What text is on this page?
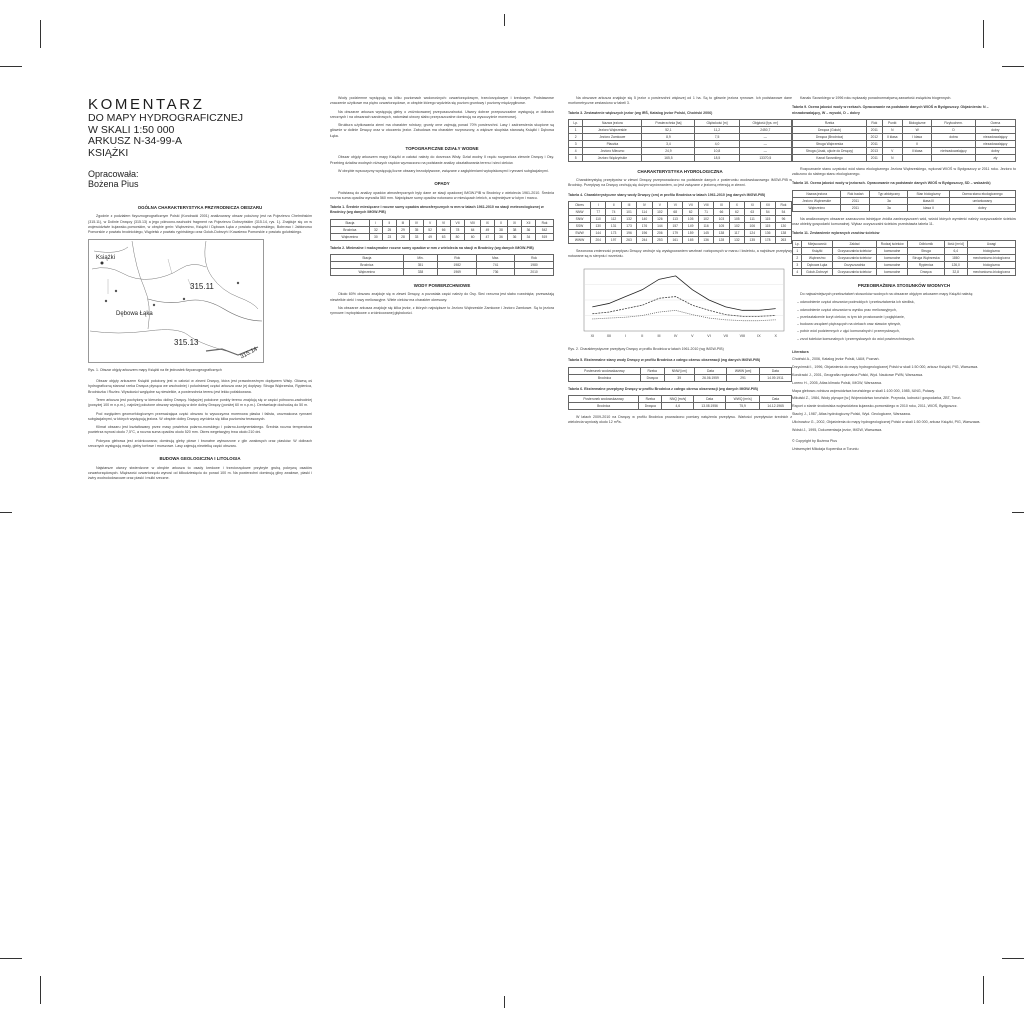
KOMENTARZ
DO MAPY HYDROGRAFICZNEJ
W SKALI 1:50 000
ARKUSZ N-34-99-A
KSIĄŻKI
Opracowała:
Bożena Pius
OGÓLNA CHARAKTERYSTYKA PRZYRODNICZA OBSZARU

Zgodnie z podziałem fizycznogeograficznym Polski (Kondracki 2001) analizowany obszar położony jest na Pojezierzu Chełmińskim (315.11), w Dolinie Drwęcy (315.13) a jego północno-wschodni fragment na Pojezierzu Dobrzyńskim (315.14, rys. 1). Znajduje się on w województwie kujawsko-pomorskim, w obrębie gmin: Wąbrzeźno, Książki i Dębowa Łąka z powiatu wąbrzeskiego, Bobrowo i Jabłonowo Pomorskie z powiatu brodnickiego, Wąpielsk z powiatu rypińskiego oraz Golub-Dobrzyń i Kowalewo Pomorskie z powiatu golubskiego.

Książki
Dębowa Łąka
315.11
315.13
315.14
Rys. 1. Obszar objęty arkuszem mapy Książki na tle jednostek fizycznogeograficznych

Obszar objęty arkuszem Książki położony jest w całości w zlewni Drwęcy, która jest prawobrzeżnym dopływem Wisły. Główną oś hydrograficzną stanowi rzeka Drwęca płynąca we wschodniej i południowej części arkusza oraz jej dopływy: Struga Wąbrzeska, Rypienica, Brodniczka i Ruziec. Wysokości względne są niewielkie, a powierzchnia terenu jest lekko pofałdowana.

Teren arkusza jest pochylony w kierunku doliny Drwęcy. Najwyżej położone punkty terenu znajdują się w części północno-zachodniej (powyżej 100 m n.p.m.), najniżej położone obszary występują w dnie doliny Drwęcy (poniżej 60 m n.p.m.). Deniwelacje dochodzą do 50 m.

Pod względem geomorfologicznym przeważająca część obszaru to wysoczyzna morenowa płaska i falista, urozmaicona rynnami subglacjalnymi, w których występują jeziora. W obrębie doliny Drwęcy wyróżnia się kilka poziomów terasowych.

Klimat obszaru jest kształtowany przez masy powietrza polarno-morskiego i polarno-kontynentalnego. Średnia roczna temperatura powietrza wynosi około 7,5°C, a roczna suma opadów około 520 mm. Okres wegetacyjny trwa około 210 dni.

Pokrywa glebowa jest zróżnicowana; dominują gleby płowe i brunatne wytworzone z glin zwałowych oraz piasków. W dolinach rzecznych występują mady, gleby torfowe i murszowe. Lasy zajmują niewielką część obszaru.

BUDOWA GEOLOGICZNA I LITOLOGIA

Najstarsze utwory stwierdzone w obrębie arkusza to osady kredowe i trzeciorzędowe przykryte grubą pokrywą osadów czwartorzędowych. Miąższość czwartorzędu wynosi od kilkudziesięciu do ponad 100 m. Na powierzchni dominują gliny zwałowe, piaski i żwiry wodnolodowcowe oraz piaski i mułki rzeczne.

Wody podziemne występują na kilku poziomach wodonośnych: czwartorzędowym, trzeciorzędowym i kredowym. Podstawowe znaczenie użytkowe ma piętro czwartorzędowe, w obrębie którego wydziela się poziom gruntowy i poziomy międzyglinowe.

Na obszarze arkusza występują gleby o zróżnicowanej przepuszczalności. Utwory dobrze przepuszczalne występują w dolinach rzecznych i na obszarach sandrowych, natomiast utwory słabo przepuszczalne dominują na wysoczyźnie morenowej.

Struktura użytkowania ziemi ma charakter rolniczy; grunty orne zajmują ponad 70% powierzchni. Lasy i zadrzewienia skupione są głównie w dolinie Drwęcy oraz w otoczeniu jezior. Zabudowa ma charakter rozproszony, a większe skupiska stanowią Książki i Dębowa Łąka.

TOPOGRAFICZNE DZIAŁY WODNE

Obszar objęty arkuszem mapy Książki w całości należy do dorzecza Wisły. Dział wodny II rzędu rozgranicza zlewnie Drwęcy i Osy. Przebieg działów wodnych niższych rzędów wyznaczono na podstawie analizy ukształtowania terenu i sieci cieków.

W obrębie wysoczyzny występują liczne obszary bezodpływowe, związane z zagłębieniami wytopiskowymi i rynnami subglacjalnymi.

OPADY

Podstawą do analizy opadów atmosferycznych były dane ze stacji opadowej IMGW-PIB w Brodnicy z wielolecia 1961-2010. Średnia roczna suma opadów wynosiła 560 mm. Największe sumy opadów notowano w miesiącach letnich, a najmniejsze w lutym i marcu.

Tabela 1. Średnie miesięczne i roczne sumy opadów atmosferycznych w mm w latach 1961-2010 na stacji meteorologicznej w Brodnicy (wg danych IMGW-PIB)
Stacja	I	II	III	IV	V	VI	VII	VIII	IX	X	XI	XII	Rok
Brodnica	32	25	29	35	52	66	78	64	49	38	38	36	542
Wąbrzeźno	30	23	28	33	49	63	80	60	47	36	36	34	519
Tabela 2. Minimalne i maksymalne roczne sumy opadów w mm z wielolecia na stacji w Brodnicy (wg danych IMGW-PIB)
Stacja	Min.	Rok	Max.	Rok
Brodnica	351	1982	741	1980
Wąbrzeźno	338	1969	736	2010
WODY POWIERZCHNIOWE

Około 60% obszaru znajduje się w zlewni Drwęcy, a pozostała część należy do Osy. Sieć rzeczna jest słabo rozwinięta; przeważają niewielkie cieki i rowy melioracyjne. Wiele cieków ma charakter okresowy.

Na obszarze arkusza znajduje się kilka jezior, z których największe to Jezioro Wąbrzeskie Zamkowe i Jezioro Zamkowe. Są to jeziora rynnowe i wytopiskowe o zróżnicowanej głębokości.

Na obszarze arkusza znajduje się 5 jezior o powierzchni większej od 1 ha. Są to głównie jeziora rynnowe. Ich podstawowe dane morfometryczne zestawiono w tabeli 3.

Tabela 3. Zestawienie większych jezior (wg IRŚ, Katalog jezior Polski, Choiński 2006)
Lp.	Nazwa jeziora	Powierzchnia [ha]	Głębokość [m]	Objętość [tys. m³]
1	Jezioro Wąbrzeskie	52,1	11,2	2450,7
2	Jezioro Zamkowe	8,9	7,5	—
3	Płaczka	3,4	4,0	—
4	Jezioro Mleczno	24,9	10,8	—
5	Jezioro Wądzyńskie	165,5	18,5	13370,5
CHARAKTERYSTYKA HYDROLOGICZNA

Charakterystykę przepływów w zlewni Drwęcy przeprowadzono na podstawie danych z posterunku wodowskazowego IMGW-PIB w Brodnicy. Przepływy na Drwęcy cechują się dużym wyrównaniem, co jest związane z jeziorną retencją w zlewni.

Tabela 4. Charakterystyczne stany wody Drwęcy (cm) w profilu Brodnica w latach 1961-2010 (wg danych IMGW-PIB)
Okres	I	II	III	IV	V	VI	VII	VIII	IX	X	XI	XII	Rok
NNW	77	74	101	114	102	68	62	71	66	62	63	54	54
SNW	110	112	132	140	126	113	105	102	103	105	111	115	96
SSW	130	131	173	176	144	157	149	116	105	102	106	115	130
SWW	144	173	196	196	206	179	159	145	138	117	124	136	138
WWW	204	197	263	244	253	161	165	136	128	132	135	178	263

Sezonowa zmienność przepływu Drwęcy cechuje się występowaniem wezbrań roztopowych w marcu i kwietniu, a najniższe przepływy notowane są w sierpniu i wrześniu.

XI	XII	I	II	III	IV	V	VI	VII	VIII	IX	X
Rys. 2. Charakterystyczne przepływy Drwęcy w profilu Brodnica w latach 1961-2010 (wg IMGW-PIB)
Tabela 5. Ekstremalne stany wody Drwęcy w profilu Brodnica z całego okresu obserwacji (wg danych IMGW-PIB)
Posterunek wodowskazowy	Rzeka	NNW [cm]	Data	WWW [cm]	Data
Brodnica	Drwęca	39	26.06.1959	291	14.09.1911
Tabela 6. Ekstremalne przepływy Drwęcy w profilu Brodnica z całego okresu obserwacji (wg danych IMGW-PIB)
Posterunek wodowskazowy	Rzeka	NNQ [m³/s]	Data	WWQ [m³/s]	Data
Brodnica	Drwęca	4,6	13.08.1956	75,9	14.12.1965

W latach 2009-2010 na Drwęcy w profilu Brodnica prowadzono pomiary natężenia przepływu. Wartości przepływów średnich z wielolecia wyniosły około 12 m³/s.

Kanału Szosnkiego w 1996 roku wykazały ponadnormatywną zawartość związków biogennych.

Tabela 9. Ocena jakości wody w rzekach. Opracowanie na podstawie danych WIOŚ w Bydgoszczy. Objaśnienia: N – niezadowalający, W – wysoki, D – dobry
Rzeka	Rok	Punkt	Biologiczne	Fizykochem.	Ocena
Drwęca (Golub)	2011	N	W	D	dobry
Drwęca (Brodnica)	2012	II klasa	I klasa	dobra	niezadowalający
Struga Wąbrzeska	2011		II		niezadowalający
Struga (Lisak, ujście do Drwęcy)	2013	V	II klasa	nietrzadowalający	dobry
Kanał Szosnkiego	2011	N			zły

Rozpoznanie stanu czystości wód stanu ekologicznego Jeziora Wąbrzeskiego, wykonał WIOŚ w Bydgoszczy w 2011 roku. Jezioro to zaliczono do słabego stanu ekologicznego.

Tabela 10. Ocena jakości wody w jeziorach. Opracowanie na podstawie danych WIOŚ w Bydgoszczy, SD – wskaźnik)
Nazwa jeziora	Rok badań	Typ abiotyczny	Stan biologiczny	Ocena stanu ekologicznego
Jezioro Wąbrzeskie	2011	3a	klasa III	umiarkowany
Wąbrzeźno	2011	3a	klasa II	dobry

Na analizowanym obszarze zaznaczono istniejące źródła zanieczyszczeń wód, wśród których wymienić należy oczyszczalnie ścieków oraz obiekty gospodarki komunalnej. Wykaz oczyszczalni ścieków przedstawia tabela 11.

Tabela 11. Zestawienie wybranych zrzutów ścieków
Lp.	Miejscowość	Zakład	Rodzaj ścieków	Odbiornik	Ilość [m³/d]	Uwagi
1	Książki	Oczyszczalnia ścieków	komunalne	Struga	6,4	biologiczna
2	Wąbrzeźno	Oczyszczalnia ścieków	komunalne	Struga Wąbrzeska	1860	mechaniczno-biologiczna
3	Dębowa Łąka	Oczyszczalnia	komunalne	Rypienica	126,0	biologiczna
4	Golub-Dobrzyń	Oczyszczalnia ścieków	komunalne	Drwęca	32,8	mechaniczno-biologiczna
PRZEOBRAŻENIA STOSUNKÓW WODNYCH

Do najważniejszych przekształceń stosunków wodnych na obszarze objętym arkuszem mapy Książki należą:

– odwodnienie części obszarów podmokłych i przekształcenia ich siedlisk,
– odwodnienie części obszarów w wyniku prac melioracyjnych,
– przekształcenie koryt cieków, w tym ich prostowanie i pogłębianie,
– budowa urządzeń piętrzących na ciekach oraz stawów rybnych,
– pobór wód podziemnych z ujęć komunalnych i przemysłowych,
– zrzut ścieków komunalnych i przemysłowych do wód powierzchniowych.
Literatura

Choiński A., 2006, Katalog jezior Polski, UAM, Poznań.

Drzycimski I., 1996, Objaśnienia do mapy hydrogeologicznej Polski w skali 1:50 000, arkusz Książki, PIG, Warszawa.

Kondracki J., 2001, Geografia regionalna Polski, Wyd. Naukowe PWN, Warszawa.

Lorenc H., 2005, Atlas klimatu Polski, IMGW, Warszawa.

Mapa glebowo-rolnicza województwa toruńskiego w skali 1:100 000, 1985, IUNG, Puławy.

Mikulski Z., 1984, Wody płynące [w:] Województwo toruńskie. Przyroda, ludność i gospodarka, ZBT, Toruń.

Raport o stanie środowiska województwa kujawsko-pomorskiego w 2010 roku, 2011, WIOŚ, Bydgoszcz.

Stachý J., 1987, Atlas hydrologiczny Polski, Wyd. Geologiczne, Warszawa.

Ulicinowicz G., 2002, Objaśnienia do mapy hydrogeologicznej Polski w skali 1:50 000, arkusz Książki, PIG, Warszawa.

Wolski J., 1995, Dokumentacja jezior, IMGW, Warszawa.

© Copyright by Bożena Pius

Uniwersytet Mikołaja Kopernika w Toruniu
